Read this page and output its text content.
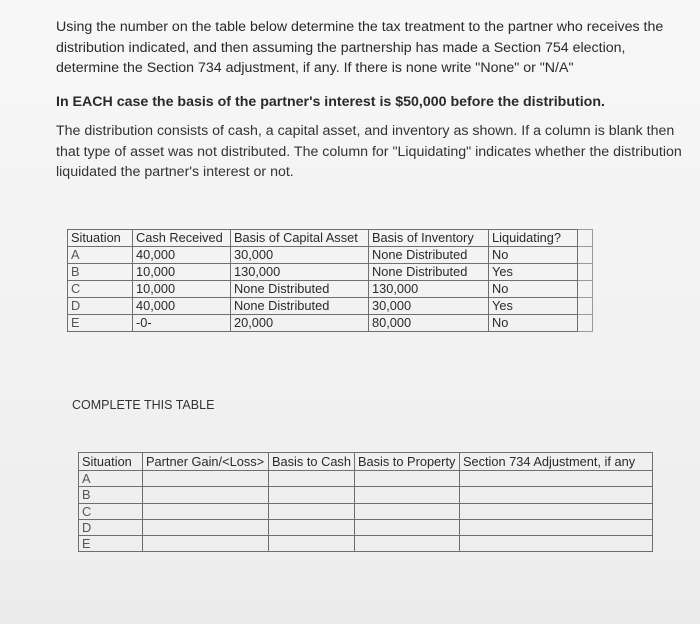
Using the number on the table below determine the tax treatment to the partner who receives the distribution indicated, and then assuming the partnership has made a Section 754 election, determine the Section 734 adjustment, if any. If there is none write "None" or "N/A"

In EACH case the basis of the partner's interest is $50,000 before the distribution.

The distribution consists of cash, a capital asset, and inventory as shown. If a column is blank then that type of asset was not distributed. The column for "Liquidating" indicates whether the distribution liquidated the partner's interest or not.

Situation	Cash Received	Basis of Capital Asset	Basis of Inventory	Liquidating?	
A	40,000	30,000	None Distributed	No	
B	10,000	130,000	None Distributed	Yes	
C	10,000	None Distributed	130,000	No	
D	40,000	None Distributed	30,000	Yes	
E	-0-	20,000	80,000	No	
COMPLETE THIS TABLE
Situation	Partner Gain/<Loss>	Basis to Cash	Basis to Property	Section 734 Adjustment, if any
A				
B				
C				
D				
E				
